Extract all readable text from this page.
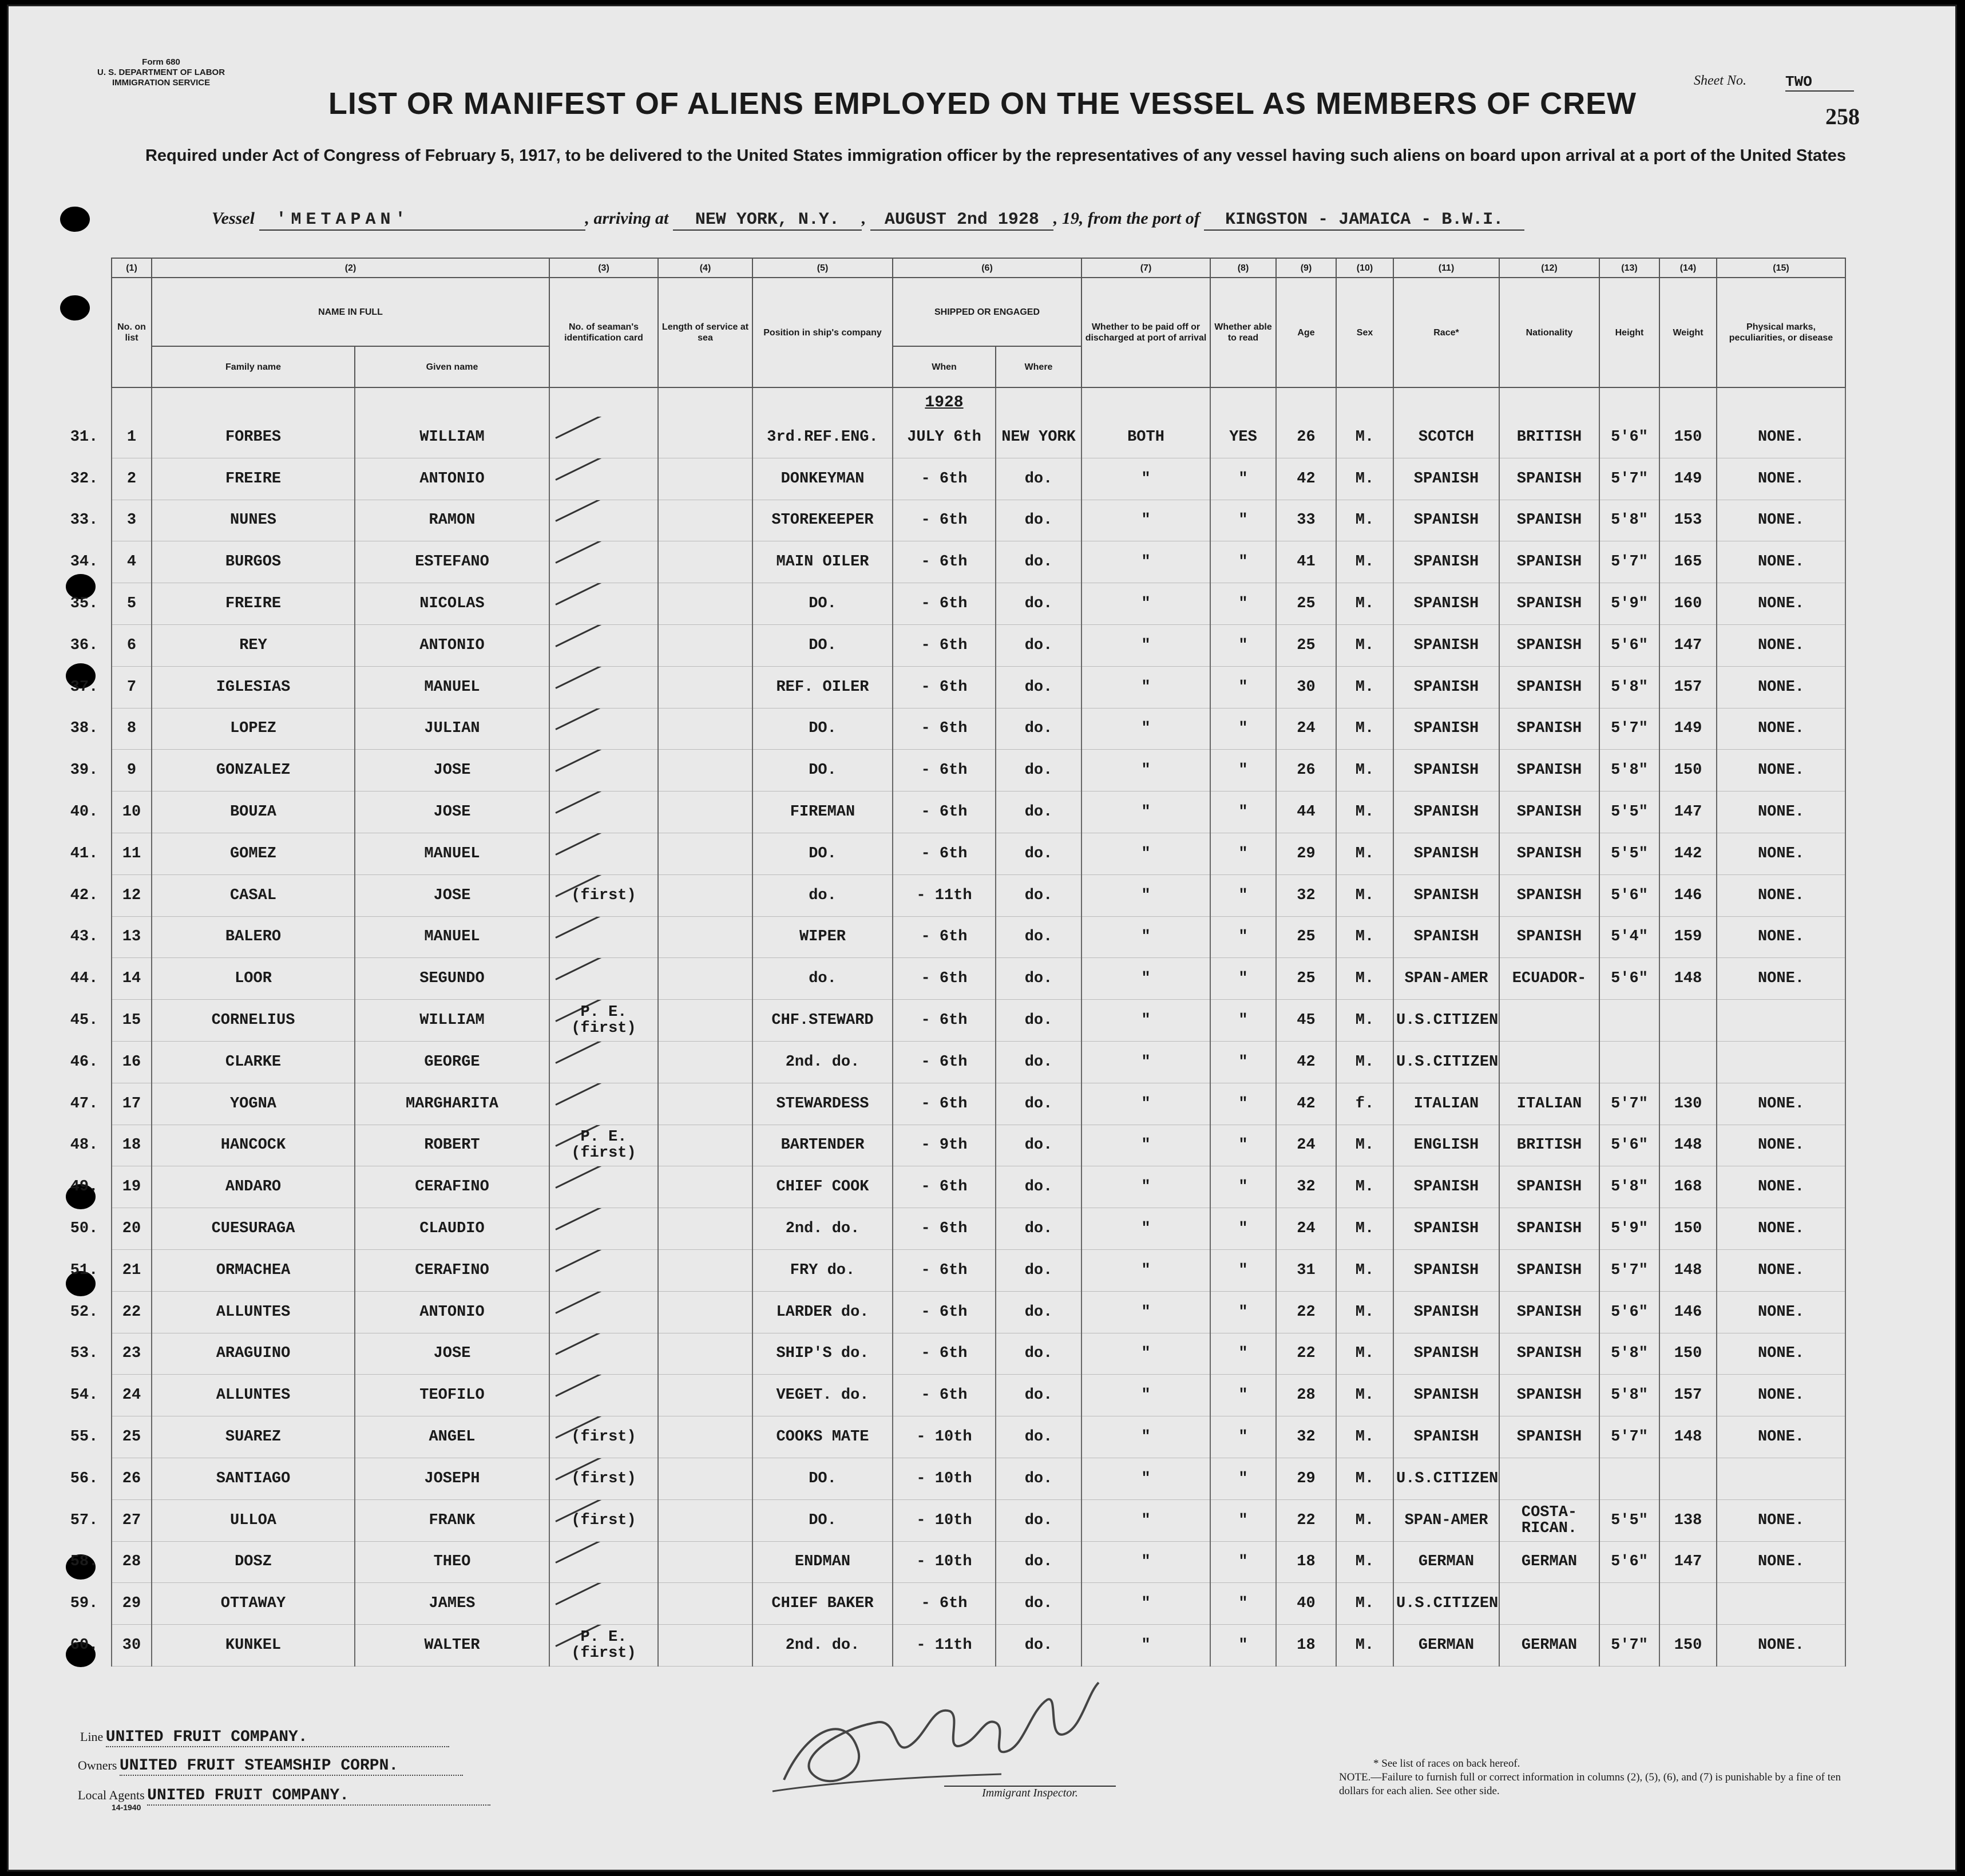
Form 680
U. S. DEPARTMENT OF LABOR
IMMIGRATION SERVICE	Sheet No.	TWO
258
LIST OR MANIFEST OF ALIENS EMPLOYED ON THE VESSEL AS MEMBERS OF CREW
Required under Act of Congress of February 5, 1917, to be delivered to the United States immigration officer by the representatives of any vessel having such aliens on board upon arrival at a port of the United States
Vessel 'METAPAN'	, arriving at NEW YORK, N.Y. , AUGUST 2nd 1928 , 19, from the port of KINGSTON - JAMAICA - B.W.I.
	(1)	(2)		(3)	(4)	(5)	(6)		(7)	(8)	(9)	(10)	(11)	(12)	(13)	(14)	(15)	
	No. on list	NAME IN FULL		No. of seaman's identification card	Length of service at sea	Position in ship's company	SHIPPED OR ENGAGED		Whether to be paid off or discharged at port of arrival	Whether able to read	Age	Sex	Race*	Nationality	Height	Weight	Physical marks, peculiarities, or disease	
		Family name	Given name				When	Where										
							1928											
31.	1	FORBES	WILLIAM			3rd.REF.ENG.	JULY 6th	NEW YORK	BOTH	YES	26	M.	SCOTCH	BRITISH	5'6"	150	NONE.	
32.	2	FREIRE	ANTONIO			DONKEYMAN	- 6th	do.	"	"	42	M.	SPANISH	SPANISH	5'7"	149	NONE.	
33.	3	NUNES	RAMON			STOREKEEPER	- 6th	do.	"	"	33	M.	SPANISH	SPANISH	5'8"	153	NONE.	
34.	4	BURGOS	ESTEFANO			MAIN OILER	- 6th	do.	"	"	41	M.	SPANISH	SPANISH	5'7"	165	NONE.	
35.	5	FREIRE	NICOLAS			DO.	- 6th	do.	"	"	25	M.	SPANISH	SPANISH	5'9"	160	NONE.	
36.	6	REY	ANTONIO			DO.	- 6th	do.	"	"	25	M.	SPANISH	SPANISH	5'6"	147	NONE.	
37.	7	IGLESIAS	MANUEL			REF. OILER	- 6th	do.	"	"	30	M.	SPANISH	SPANISH	5'8"	157	NONE.	
38.	8	LOPEZ	JULIAN			DO.	- 6th	do.	"	"	24	M.	SPANISH	SPANISH	5'7"	149	NONE.	
39.	9	GONZALEZ	JOSE			DO.	- 6th	do.	"	"	26	M.	SPANISH	SPANISH	5'8"	150	NONE.	
40.	10	BOUZA	JOSE			FIREMAN	- 6th	do.	"	"	44	M.	SPANISH	SPANISH	5'5"	147	NONE.	
41.	11	GOMEZ	MANUEL			DO.	- 6th	do.	"	"	29	M.	SPANISH	SPANISH	5'5"	142	NONE.	
42.	12	CASAL	JOSE	(first)		do.	- 11th	do.	"	"	32	M.	SPANISH	SPANISH	5'6"	146	NONE.	
43.	13	BALERO	MANUEL			WIPER	- 6th	do.	"	"	25	M.	SPANISH	SPANISH	5'4"	159	NONE.	
44.	14	LOOR	SEGUNDO			do.	- 6th	do.	"	"	25	M.	SPAN-AMER	ECUADOR-	5'6"	148	NONE.	
45.	15	CORNELIUS	WILLIAM	P. E. (first)		CHF.STEWARD	- 6th	do.	"	"	45	M.	U.S.CITIZEN					
46.	16	CLARKE	GEORGE			2nd. do.	- 6th	do.	"	"	42	M.	U.S.CITIZEN					
47.	17	YOGNA	MARGHARITA			STEWARDESS	- 6th	do.	"	"	42	f.	ITALIAN	ITALIAN	5'7"	130	NONE.	
48.	18	HANCOCK	ROBERT	P. E. (first)		BARTENDER	- 9th	do.	"	"	24	M.	ENGLISH	BRITISH	5'6"	148	NONE.	
49.	19	ANDARO	CERAFINO			CHIEF COOK	- 6th	do.	"	"	32	M.	SPANISH	SPANISH	5'8"	168	NONE.	
50.	20	CUESURAGA	CLAUDIO			2nd. do.	- 6th	do.	"	"	24	M.	SPANISH	SPANISH	5'9"	150	NONE.	
51.	21	ORMACHEA	CERAFINO			FRY do.	- 6th	do.	"	"	31	M.	SPANISH	SPANISH	5'7"	148	NONE.	
52.	22	ALLUNTES	ANTONIO			LARDER do.	- 6th	do.	"	"	22	M.	SPANISH	SPANISH	5'6"	146	NONE.	
53.	23	ARAGUINO	JOSE			SHIP'S do.	- 6th	do.	"	"	22	M.	SPANISH	SPANISH	5'8"	150	NONE.	
54.	24	ALLUNTES	TEOFILO			VEGET. do.	- 6th	do.	"	"	28	M.	SPANISH	SPANISH	5'8"	157	NONE.	
55.	25	SUAREZ	ANGEL	(first)		COOKS MATE	- 10th	do.	"	"	32	M.	SPANISH	SPANISH	5'7"	148	NONE.	
56.	26	SANTIAGO	JOSEPH	(first)		DO.	- 10th	do.	"	"	29	M.	U.S.CITIZEN					
57.	27	ULLOA	FRANK	(first)		DO.	- 10th	do.	"	"	22	M.	SPAN-AMER	COSTA- RICAN.	5'5"	138	NONE.	
58.	28	DOSZ	THEO			ENDMAN	- 10th	do.	"	"	18	M.	GERMAN	GERMAN	5'6"	147	NONE.	
59.	29	OTTAWAY	JAMES			CHIEF BAKER	- 6th	do.	"	"	40	M.	U.S.CITIZEN					
60.	30	KUNKEL	WALTER	P. E. (first)		2nd. do.	- 11th	do.	"	"	18	M.	GERMAN	GERMAN	5'7"	150	NONE.	
Line UNITED FRUIT COMPANY.
Owners UNITED FRUIT STEAMSHIP CORPN.
Local Agents UNITED FRUIT COMPANY.
14-1940
Immigrant Inspector.
* See list of races on back hereof.
NOTE.—Failure to furnish full or correct information in columns (2), (5), (6), and (7) is punishable by a fine of ten dollars for each alien. See other side.
